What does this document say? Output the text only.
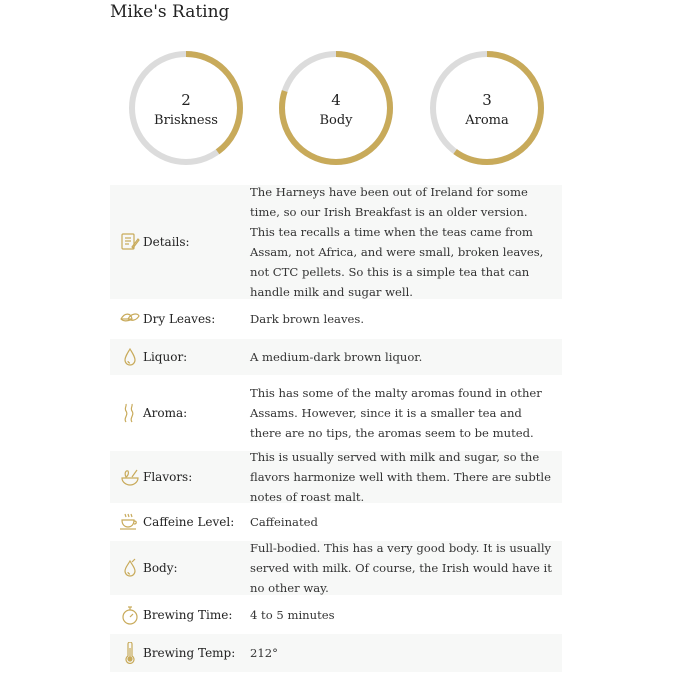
Mike's Rating
2
Briskness
4
Body
3
Aroma
Details:
The Harneys have been out of Ireland for some time, so our Irish Breakfast is an older version. This tea recalls a time when the teas came from Assam, not Africa, and were small, broken leaves, not CTC pellets. So this is a simple tea that can handle milk and sugar well.
Dry Leaves:	Dark brown leaves.
Liquor:	A medium-dark brown liquor.
Aroma:
This has some of the malty aromas found in other Assams. However, since it is a smaller tea and there are no tips, the aromas seem to be muted.
Flavors:
This is usually served with milk and sugar, so the flavors harmonize well with them. There are subtle notes of roast malt.
Caffeine Level:	Caffeinated
Body:
Full-bodied. This has a very good body. It is usually served with milk. Of course, the Irish would have it no other way.
Brewing Time:	4 to 5 minutes
Brewing Temp:	212°
